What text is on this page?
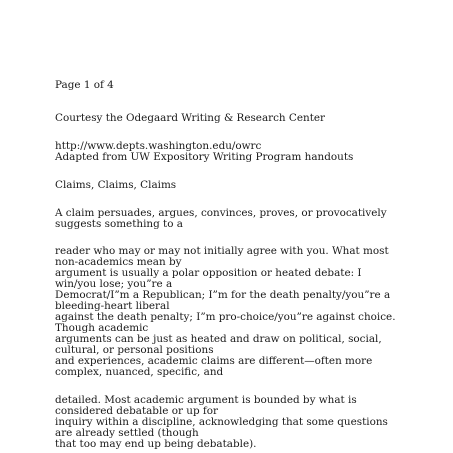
Page 1 of 4

Courtesy the Odegaard Writing & Research Center

http://www.depts.washington.edu/owrc

Adapted from UW Expository Writing Program handouts

Claims, Claims, Claims

A claim persuades, argues, convinces, proves, or provocatively

suggests something to a

reader who may or may not initially agree with you. What most

non-academics mean by

argument is usually a polar opposition or heated debate: I

win/you lose; you”re a

Democrat/I”m a Republican; I”m for the death penalty/you”re a

bleeding-heart liberal

against the death penalty; I”m pro-choice/you”re against choice.

Though academic

arguments can be just as heated and draw on political, social,

cultural, or personal positions

and experiences, academic claims are different—often more

complex, nuanced, specific, and

detailed. Most academic argument is bounded by what is

considered debatable or up for

inquiry within a discipline, acknowledging that some questions

are already settled (though

that too may end up being debatable).
